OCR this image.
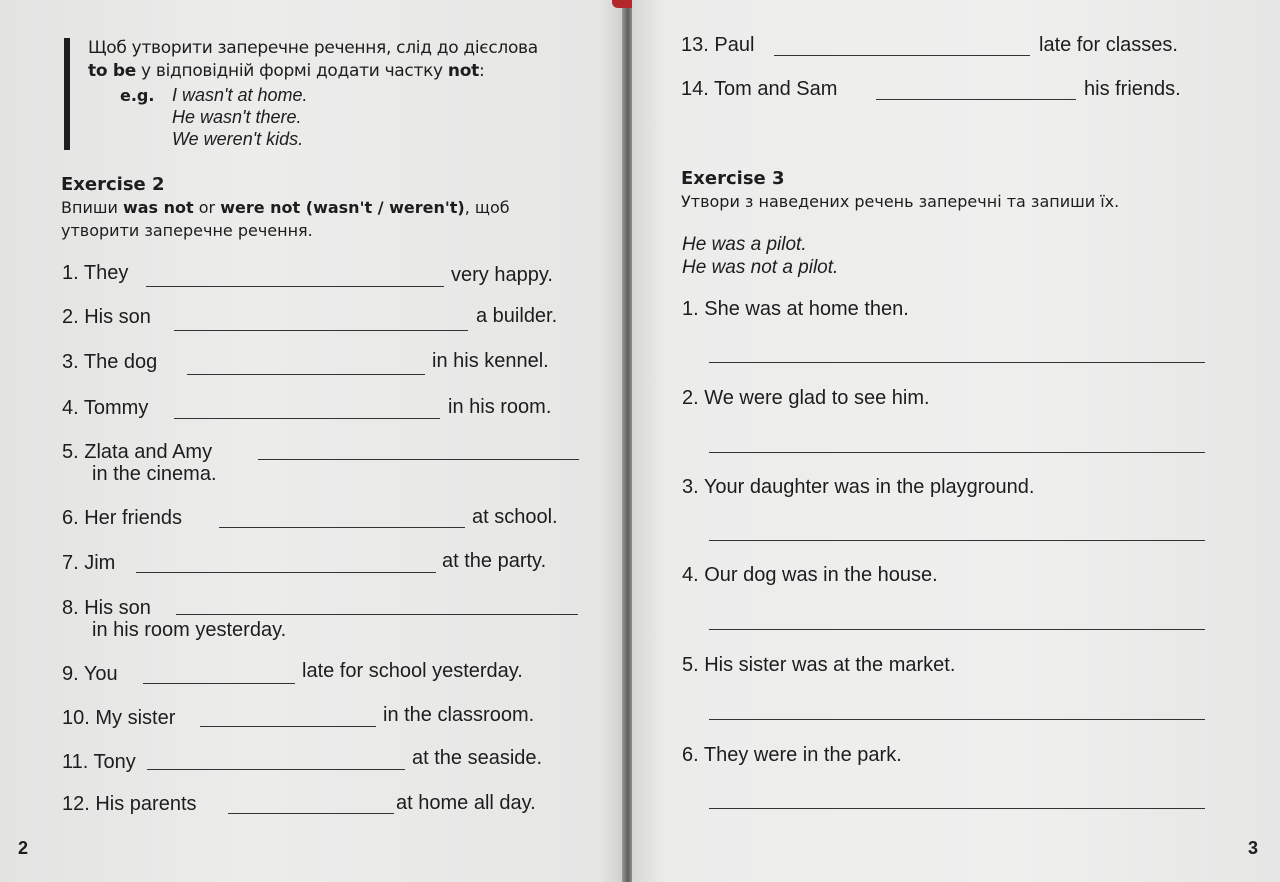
Щоб утворити заперечне речення, слід до дієслова
to be у відповідній формі додати частку not:
e.g. I wasn't at home.
He wasn't there.
We weren't kids.
Exercise 2
Впиши was not or were not (wasn't / weren't), щоб
утворити заперечне речення.
1. They	very happy.
2. His son	a builder.
3. The dog	in his kennel.
4. Tommy	in his room.
5. Zlata and Amy
in the cinema.
6. Her friends	at school.
7. Jim	at the party.
8. His son
in his room yesterday.
9. You	late for school yesterday.
10. My sister	in the classroom.
11. Tony	at the seaside.
12. His parents	at home all day.
2
13. Paul	late for classes.
14. Tom and Sam	his friends.
Exercise 3
Утвори з наведених речень заперечні та запиши їх.
He was a pilot.
He was not a pilot.
1. She was at home then.
2. We were glad to see him.
3. Your daughter was in the playground.
4. Our dog was in the house.
5. His sister was at the market.
6. They were in the park.
3
